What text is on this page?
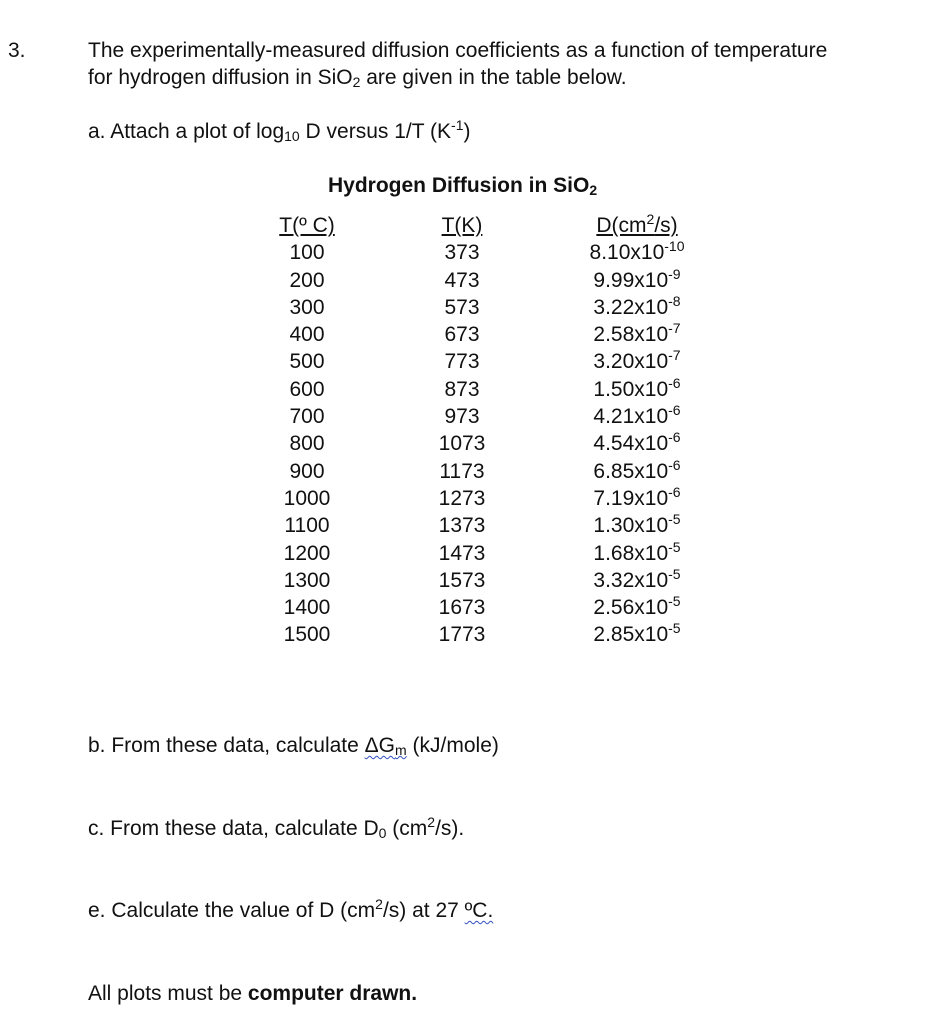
3.	The experimentally-measured diffusion coefficients as a function of temperature
for hydrogen diffusion in SiO$_2$ are given in the table below.
a. Attach a plot of $\log_{10} D$ versus 1/T $(K^{-1})$
Hydrogen Diffusion in SiO$_2$
T(º C)
100
200
300
400
500
600
700
800
900
1000
1100
1200
1300
1400
1500
T(K)
373
473
573
673
773
873
973
1073
1173
1273
1373
1473
1573
1673
1773
$D(cm^2/s)$
$8.10x10^{-10}$
$9.99x10^{-9}$
$3.22x10^{-8}$
$2.58x10^{-7}$
$3.20x10^{-7}$
$1.50x10^{-6}$
$4.21x10^{-6}$
$4.54x10^{-6}$
$6.85x10^{-6}$
$7.19x10^{-6}$
$1.30x10^{-5}$
$1.68x10^{-5}$
$3.32x10^{-5}$
$2.56x10^{-5}$
$2.85x10^{-5}$
b. From these data, calculate $\Delta G_m$ (kJ/mole)
c. From these data, calculate $D_0$ $(cm^2/s)$.
e. Calculate the value of D $(cm^2/s)$ at 27 ºC.
All plots must be computer drawn.
